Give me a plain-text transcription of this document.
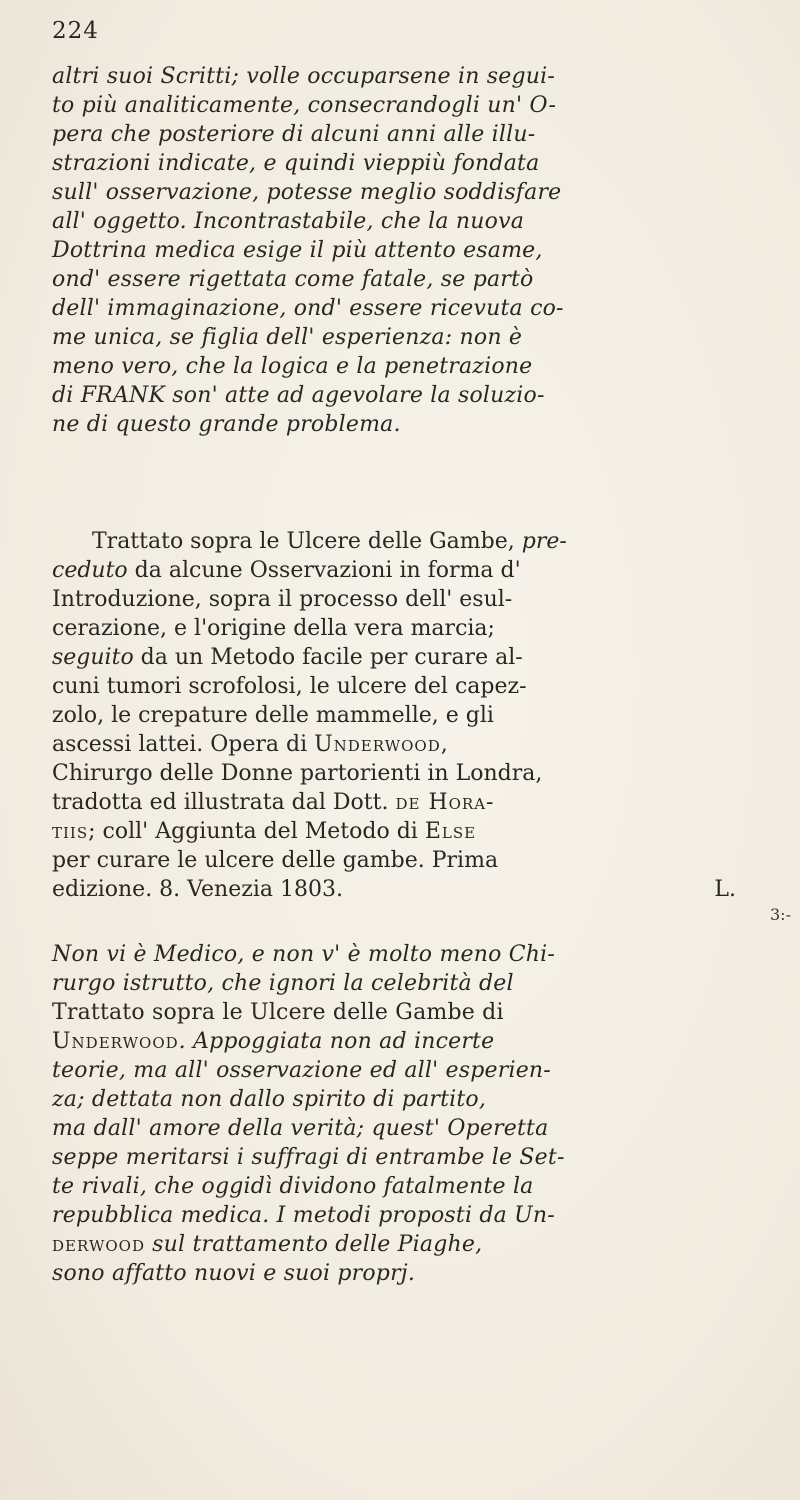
224
altri suoi Scritti; volle occuparsene in segui-
to più analiticamente, consecrandogli un' O-
pera che posteriore di alcuni anni alle illu-
strazioni indicate, e quindi vieppiù fondata
sull' osservazione, potesse meglio soddisfare
all' oggetto. Incontrastabile, che la nuova
Dottrina medica esige il più attento esame,
ond' essere rigettata come fatale, se partò
dell' immaginazione, ond' essere ricevuta co-
me unica, se figlia dell' esperienza: non è
meno vero, che la logica e la penetrazione
di FRANK son' atte ad agevolare la soluzio-
ne di questo grande problema.
Trattato sopra le Ulcere delle Gambe, pre-
ceduto da alcune Osservazioni in forma d'
Introduzione, sopra il processo dell' esul-
cerazione, e l'origine della vera marcia;
seguito da un Metodo facile per curare al-
cuni tumori scrofolosi, le ulcere del capez-
zolo, le crepature delle mammelle, e gli
ascessi lattei. Opera di Underwood,
Chirurgo delle Donne partorienti in Londra,
tradotta ed illustrata dal Dott. de Hora-
tiis; coll' Aggiunta del Metodo di Else
per curare le ulcere delle gambe. Prima
edizione. 8. Venezia 1803.	L.
Non vi è Medico, e non v' è molto meno Chi-
rurgo istrutto, che ignori la celebrità del
Trattato sopra le Ulcere delle Gambe di
Underwood. Appoggiata non ad incerte
teorie, ma all' osservazione ed all' esperien-
za; dettata non dallo spirito di partito,
ma dall' amore della verità; quest' Operetta
seppe meritarsi i suffragi di entrambe le Set-
te rivali, che oggidì dividono fatalmente la
repubblica medica. I metodi proposti da Un-
derwood sul trattamento delle Piaghe,
sono affatto nuovi e suoi proprj.
3:-
